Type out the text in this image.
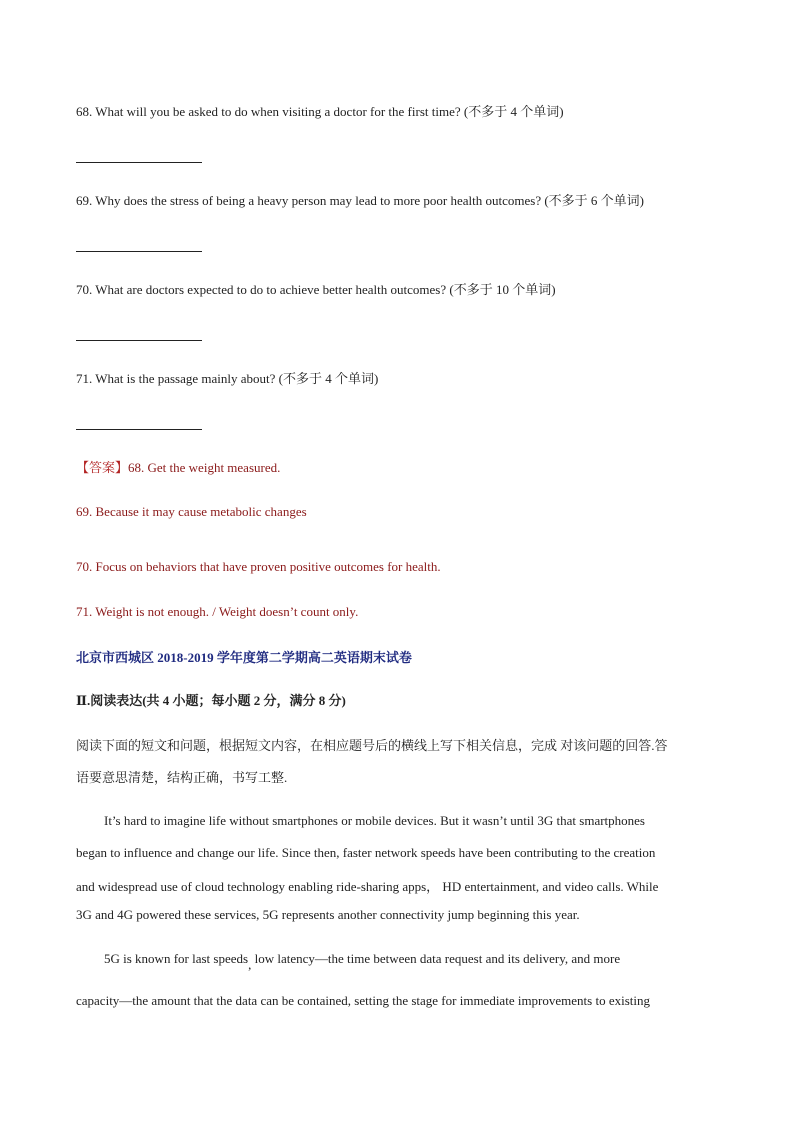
68. What will you be asked to do when visiting a doctor for the first time? (不多于 4 个单词)
69. Why does the stress of being a heavy person may lead to more poor health outcomes? (不多于 6 个单词)
70. What are doctors expected to do to achieve better health outcomes? (不多于 10 个单词)
71. What is the passage mainly about? (不多于 4 个单词)
【答案】68. Get the weight measured.
69. Because it may cause metabolic changes
70. Focus on behaviors that have proven positive outcomes for health.
71. Weight is not enough. / Weight doesn’t count only.
北京市西城区 2018-2019 学年度第二学期高二英语期末试卷
Ⅱ.阅读表达(共 4 小题；每小题 2 分，满分 8 分)
阅读下面的短文和问题，根据短文内容，在相应题号后的横线上写下相关信息，完成 对该问题的回答.答
语要意思清楚，结构正确，书写工整.
It’s hard to imagine life without smartphones or mobile devices. But it wasn’t until 3G that smartphones
began to influence and change our life. Since then, faster network speeds have been contributing to the creation
and widespread use of cloud technology enabling ride-sharing apps， HD entertainment, and video calls. While
3G and 4G powered these services, 5G represents another connectivity jump beginning this year.
5G is known for last speeds, low latency—the time between data request and its delivery, and more
capacity—the amount that the data can be contained, setting the stage for immediate improvements to existing
